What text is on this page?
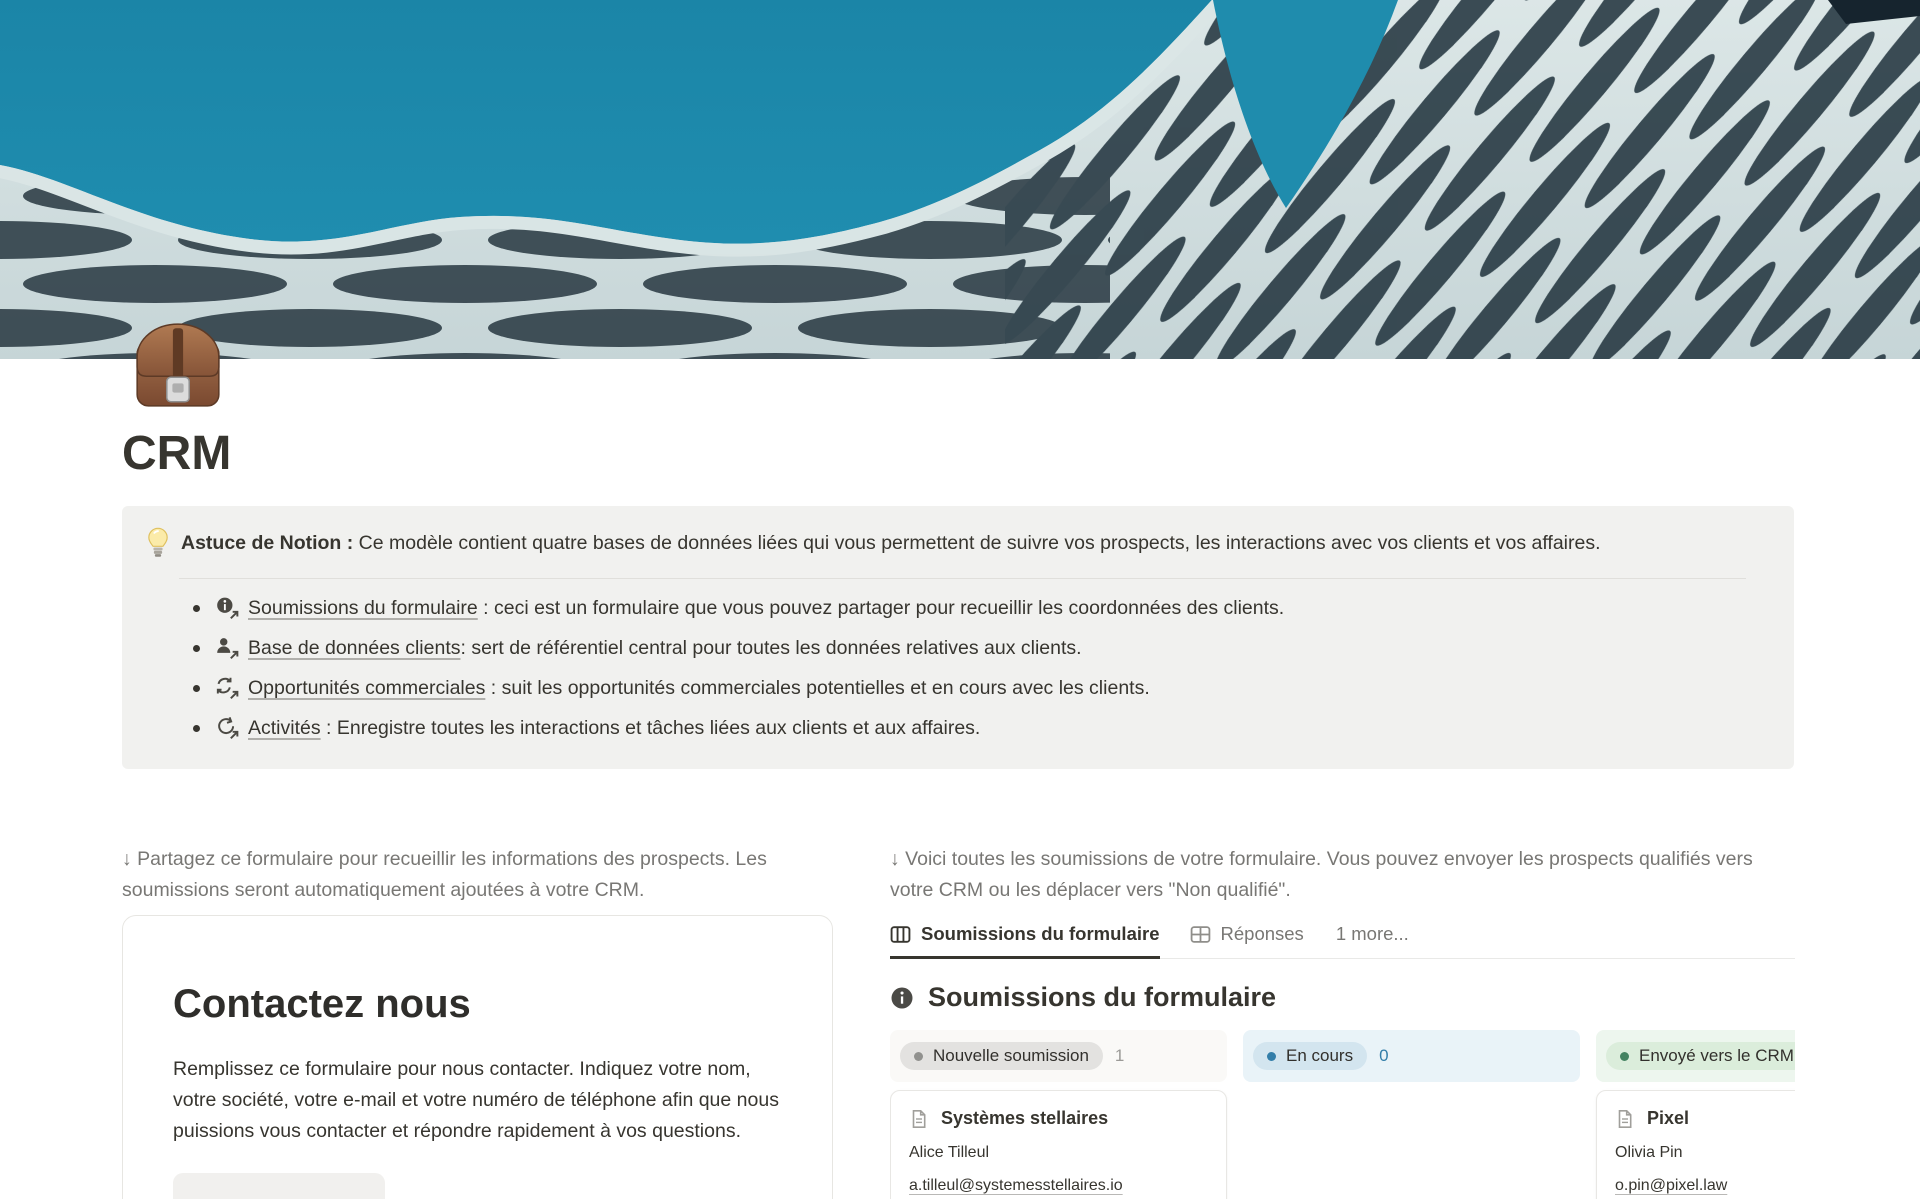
CRM
Astuce de Notion : Ce modèle contient quatre bases de données liées qui vous permettent de suivre vos prospects, les interactions avec vos clients et vos affaires.
Soumissions du formulaire : ceci est un formulaire que vous pouvez partager pour recueillir les coordonnées des clients.
Base de données clients: sert de référentiel central pour toutes les données relatives aux clients.
Opportunités commerciales : suit les opportunités commerciales potentielles et en cours avec les clients.
Activités : Enregistre toutes les interactions et tâches liées aux clients et aux affaires.

↓ Partagez ce formulaire pour recueillir les informations des prospects. Les soumissions seront automatiquement ajoutées à votre CRM.

Contactez nous

Remplissez ce formulaire pour nous contacter. Indiquez votre nom, votre société, votre e-mail et votre numéro de téléphone afin que nous puissions vous contacter et répondre rapidement à vos questions.

↓ Voici toutes les soumissions de votre formulaire. Vous pouvez envoyer les prospects qualifiés vers votre CRM ou les déplacer vers "Non qualifié".

Soumissions du formulaire	Réponses 1 more...
Soumissions du formulaire
Nouvelle soumission 1
Systèmes stellaires
Alice Tilleul
a.tilleul@systemesstellaires.io
En cours 0	Envoyé vers le CRM
Pixel
Olivia Pin
o.pin@pixel.law
